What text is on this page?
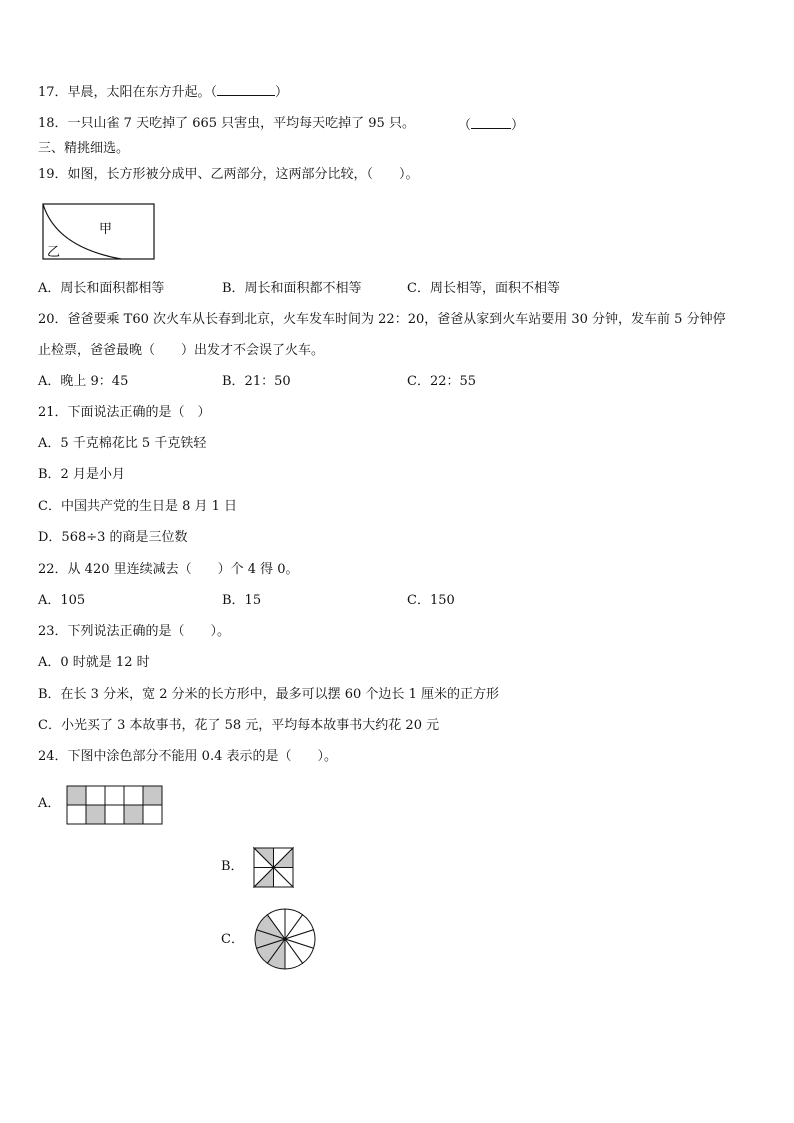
17．早晨，太阳在东方升起。（	）
18．一只山雀 7 天吃掉了 665 只害虫，平均每天吃掉了 95 只。	（	）
三、精挑细选。
19．如图，长方形被分成甲、乙两部分，这两部分比较，（　　）。
甲
乙
A．周长和面积都相等	B．周长和面积都不相等	C．周长相等，面积不相等
20．爸爸要乘 T60 次火车从长春到北京，火车发车时间为 22：20，爸爸从家到火车站要用 30 分钟，发车前 5 分钟停
止检票，爸爸最晚（　　）出发才不会误了火车。
A．晚上 9：45	B．21：50	C．22：55
21．下面说法正确的是（　）
A．5 千克棉花比 5 千克铁轻
B．2 月是小月
C．中国共产党的生日是 8 月 1 日
D．568÷3 的商是三位数
22．从 420 里连续减去（　　）个 4 得 0。
A．105	B．15	C．150
23．下列说法正确的是（　　）。
A．0 时就是 12 时
B．在长 3 分米，宽 2 分米的长方形中，最多可以摆 60 个边长 1 厘米的正方形
C．小光买了 3 本故事书，花了 58 元，平均每本故事书大约花 20 元
24．下图中涂色部分不能用 0.4 表示的是（　　）。
A．
B．
C．
